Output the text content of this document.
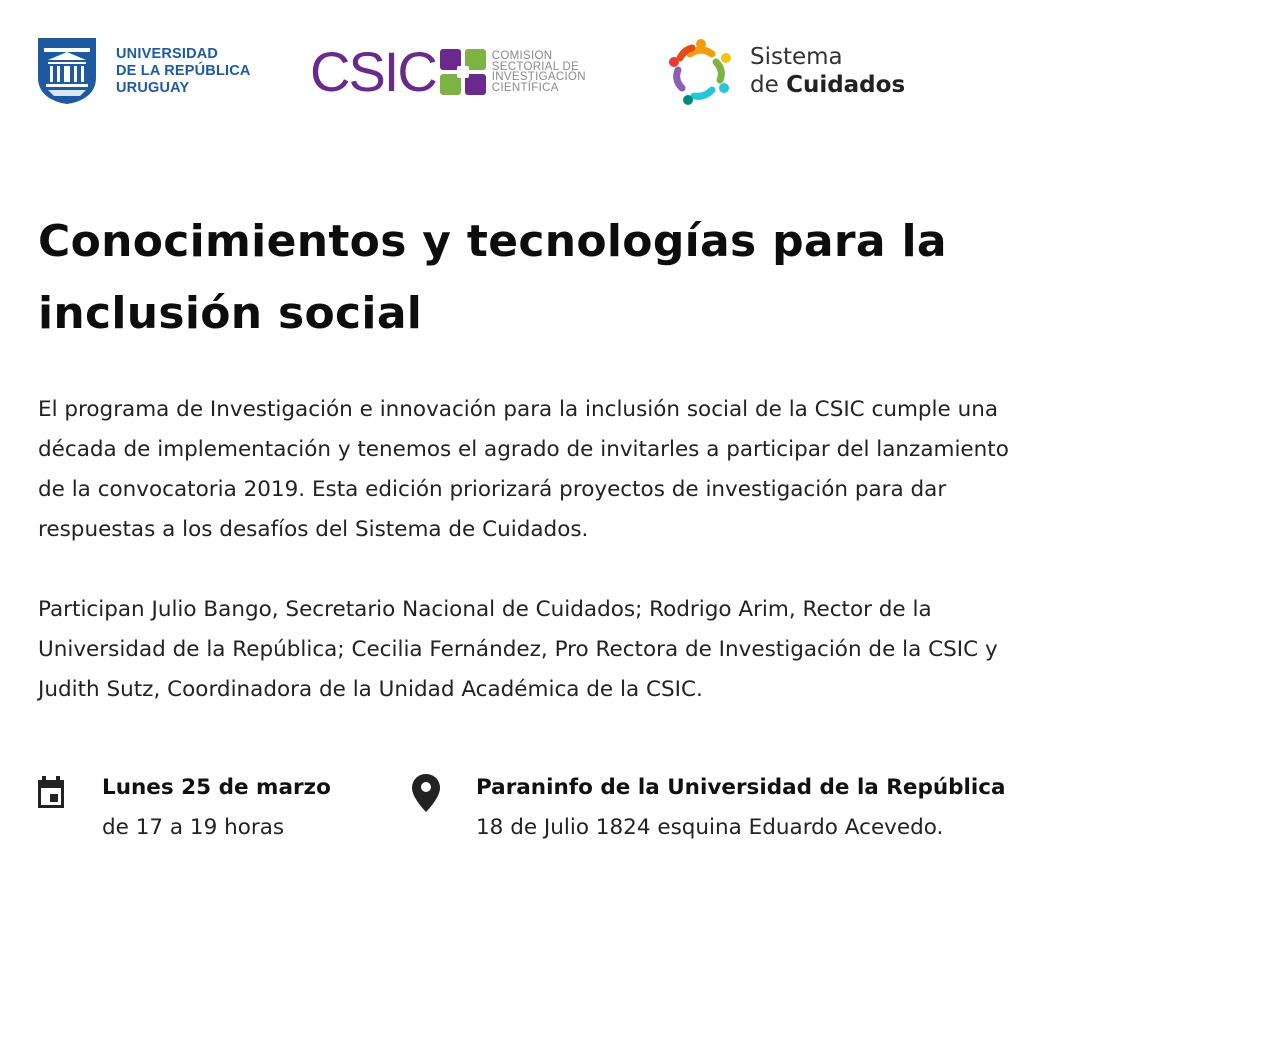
UNIVERSIDAD
DE LA REPÚBLICA
URUGUAY	CSIC	COMISION
SECTORIAL DE
INVESTIGACIÓN
CIENTÍFICA
Sistema
de Cuidados
Conocimientos y tecnologías para la inclusión social

El programa de Investigación e innovación para la inclusión social de la CSIC cumple una década de implementación y tenemos el agrado de invitarles a participar del lanzamiento de la convocatoria 2019. Esta edición priorizará proyectos de investigación para dar respuestas a los desafíos del Sistema de Cuidados.

Participan Julio Bango, Secretario Nacional de Cuidados; Rodrigo Arim, Rector de la Universidad de la República; Cecilia Fernández, Pro Rectora de Investigación de la CSIC y Judith Sutz, Coordinadora de la Unidad Académica de la CSIC.

Lunes 25 de marzo
de 17 a 19 horas
Paraninfo de la Universidad de la República
18 de Julio 1824 esquina Eduardo Acevedo.
